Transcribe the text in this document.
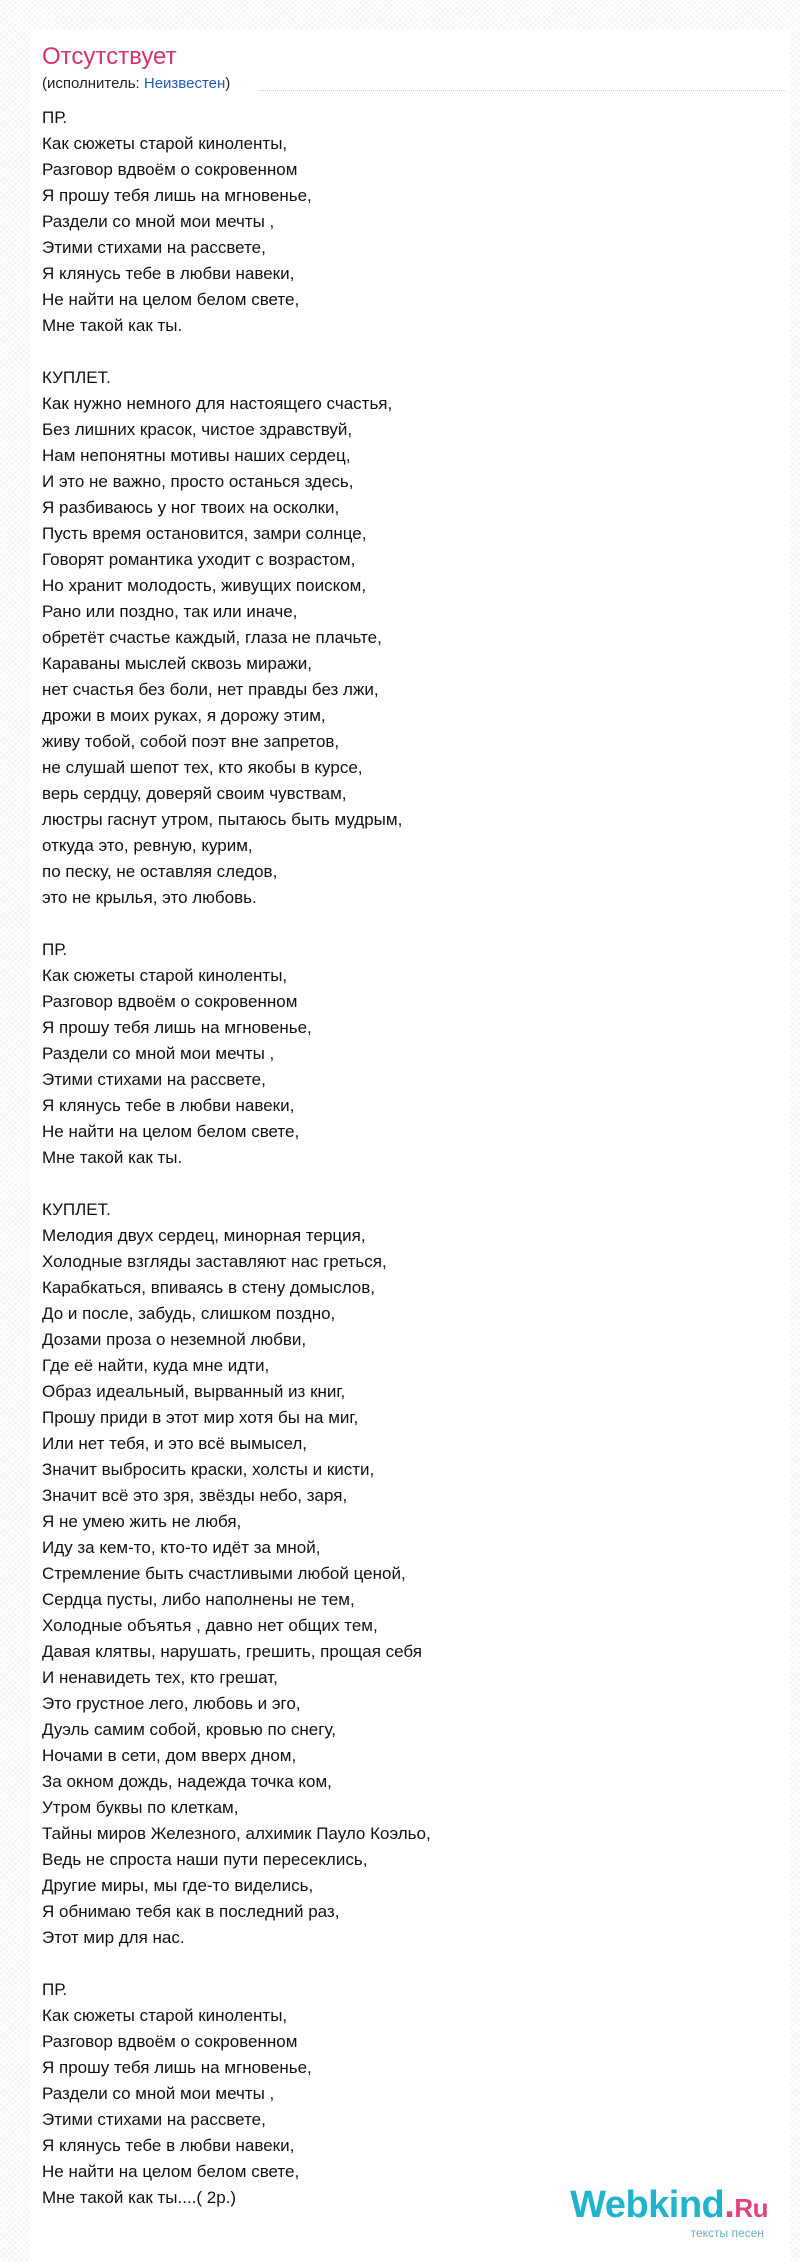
Отсутствует
(исполнитель: Неизвестен)
ПР.
Как сюжеты старой киноленты,
Разговор вдвоём о сокровенном
Я прошу тебя лишь на мгновенье,
Раздели со мной мои мечты ,
Этими стихами на рассвете,
Я клянусь тебе в любви навеки,
Не найти на целом белом свете,
Мне такой как ты.
КУПЛЕТ.
Как нужно немного для настоящего счастья,
Без лишних красок, чистое здравствуй,
Нам непонятны мотивы наших сердец,
И это не важно, просто останься здесь,
Я разбиваюсь у ног твоих на осколки,
Пусть время остановится, замри солнце,
Говорят романтика уходит с возрастом,
Но хранит молодость, живущих поиском,
Рано или поздно, так или иначе,
обретёт счастье каждый, глаза не плачьте,
Караваны мыслей сквозь миражи,
нет счастья без боли, нет правды без лжи,
дрожи в моих руках, я дорожу этим,
живу тобой, собой поэт вне запретов,
не слушай шепот тех, кто якобы в курсе,
верь сердцу, доверяй своим чувствам,
люстры гаснут утром, пытаюсь быть мудрым,
откуда это, ревную, курим,
по песку, не оставляя следов,
это не крылья, это любовь.
ПР.
Как сюжеты старой киноленты,
Разговор вдвоём о сокровенном
Я прошу тебя лишь на мгновенье,
Раздели со мной мои мечты ,
Этими стихами на рассвете,
Я клянусь тебе в любви навеки,
Не найти на целом белом свете,
Мне такой как ты.
КУПЛЕТ.
Мелодия двух сердец, минорная терция,
Холодные взгляды заставляют нас греться,
Карабкаться, впиваясь в стену домыслов,
До и после, забудь, слишком поздно,
Дозами проза о неземной любви,
Где её найти, куда мне идти,
Образ идеальный, вырванный из книг,
Прошу приди в этот мир хотя бы на миг,
Или нет тебя, и это всё вымысел,
Значит выбросить краски, холсты и кисти,
Значит всё это зря, звёзды небо, заря,
Я не умею жить не любя,
Иду за кем-то, кто-то идёт за мной,
Стремление быть счастливыми любой ценой,
Сердца пусты, либо наполнены не тем,
Холодные объятья , давно нет общих тем,
Давая клятвы, нарушать, грешить, прощая себя
И ненавидеть тех, кто грешат,
Это грустное лего, любовь и эго,
Дуэль самим собой, кровью по снегу,
Ночами в сети, дом вверх дном,
За окном дождь, надежда точка ком,
Утром буквы по клеткам,
Тайны миров Железного, алхимик Пауло Коэльо,
Ведь не спроста наши пути пересеклись,
Другие миры, мы где-то виделись,
Я обнимаю тебя как в последний раз,
Этот мир для нас.
ПР.
Как сюжеты старой киноленты,
Разговор вдвоём о сокровенном
Я прошу тебя лишь на мгновенье,
Раздели со мной мои мечты ,
Этими стихами на рассвете,
Я клянусь тебе в любви навеки,
Не найти на целом белом свете,
Мне такой как ты....( 2р.)	Webkind.Ru
тексты песен
